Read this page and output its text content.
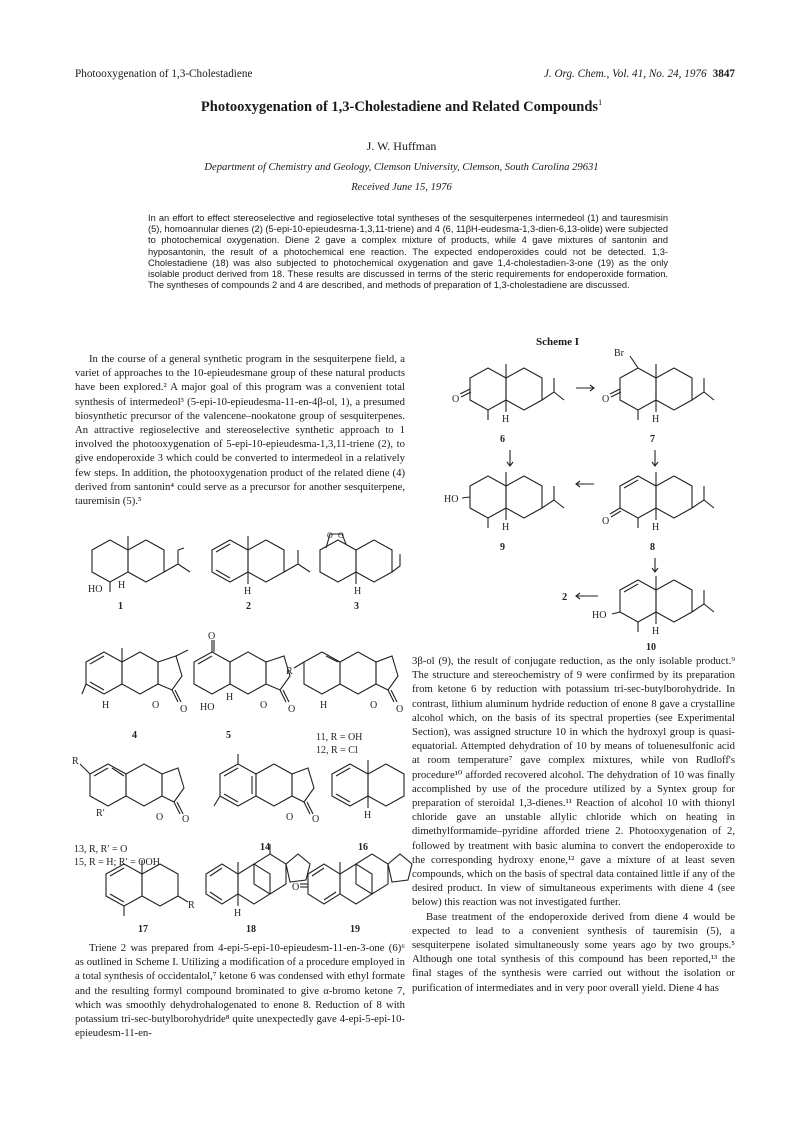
Photooxygenation of 1,3-Cholestadiene	J. Org. Chem., Vol. 41, No. 24, 1976 3847
Photooxygenation of 1,3-Cholestadiene and Related Compounds$^1$
J. W. Huffman
Department of Chemistry and Geology, Clemson University, Clemson, South Carolina 29631
Received June 15, 1976
In an effort to effect stereoselective and regioselective total syntheses of the sesquiterpenes intermedeol (1) and tauresmisin (5), homoannular dienes (2) (5-epi-10-epieudesma-1,3,11-triene) and 4 (6, 11βH-eudesma-1,3-dien-6,13-olide) were subjected to photochemical oxygenation. Diene 2 gave a complex mixture of products, while 4 gave mixtures of santonin and hyposantonin, the result of a photochemical ene reaction. The expected endoperoxides could not be detected. 1,3-Cholestadiene (18) was also subjected to photochemical oxygenation and gave 1,4-cholestadien-3-one (19) as the only isolable product derived from 18. These results are discussed in terms of the steric requirements for endoperoxide formation. The syntheses of compounds 2 and 4 are described, and methods of preparation of 1,3-cholestadiene are discussed.

In the course of a general synthetic program in the sesquiterpene field, a variet of approaches to the 10-epieudesmane group of these natural products have been explored.² A major goal of this program was a convenient total synthesis of intermedeol³ (5-epi-10-epieudesma-11-en-4β-ol, 1), a presumed biosynthetic precursor of the valencene–nookatone group of sesquiterpenes. An attractive regioselective and stereoselective synthetic approach to 1 involved the photooxygenation of 5-epi-10-epieudesma-1,3,11-triene (2), to give endoperoxide 3 which could be converted to intermedeol in a relatively few steps. In addition, the photooxygenation product of the related diene (4) derived from santonin⁴ could serve as a precursor for another sesquiterpene, tauremisin (5).⁵

HO H
1
H
2
O O
H
3
H	O O
4
O
HO
H
O O
5
R
H	O O
11, R = OH
12, R = Cl
R
R′	O O
13, R, R′ = O
15, R = H; R′ = OOH
O O
14
H
16
R
17
H
18
O
19

Triene 2 was prepared from 4-epi-5-epi-10-epieudesm-11-en-3-one (6)⁶ as outlined in Scheme I. Utilizing a modification of a procedure employed in a total synthesis of occidentalol,⁷ ketone 6 was condensed with ethyl formate and the resulting formyl compound brominated to give α-bromo ketone 7, which was smoothly dehydrohalogenated to enone 8. Reduction of 8 with potassium tri-sec-butylborohydride⁸ quite unexpectedly gave 4-epi-5-epi-10-epieudesm-11-en-

Scheme I
O
H
6
Br
O
H
7
HO
H
9
O
H
8
HO
H
10
2

3β-ol (9), the result of conjugate reduction, as the only isolable product.⁹ The structure and stereochemistry of 9 were confirmed by its preparation from ketone 6 by reduction with potassium tri-sec-butylborohydride. In contrast, lithium aluminum hydride reduction of enone 8 gave a crystalline alcohol which, on the basis of its spectral properties (see Experimental Section), was assigned structure 10 in which the hydroxyl group is quasi-equatorial. Attempted dehydration of 10 by means of toluenesulfonic acid at room temperature⁷ gave complex mixtures, while von Rudloff's procedure¹⁰ afforded recovered alcohol. The dehydration of 10 was finally accomplished by use of the procedure utilized by a Syntex group for preparation of steroidal 1,3-dienes.¹¹ Reaction of alcohol 10 with thionyl chloride gave an unstable allylic chloride which on heating in dimethylformamide–pyridine afforded triene 2. Photooxygenation of 2, followed by treatment with basic alumina to convert the endoperoxide to the corresponding hydroxy enone,¹² gave a mixture of at least seven compounds, which on the basis of spectral data contained little if any of the desired product. In view of simultaneous experiments with diene 4 (see below) this reaction was not investigated further.

Base treatment of the endoperoxide derived from diene 4 would be expected to lead to a convenient synthesis of tauremisin (5), a sesquiterpene isolated simultaneously some years ago by two groups.⁵ Although one total synthesis of this compound has been reported,¹³ the final stages of the synthesis were carried out without the isolation or purification of intermediates and in very poor overall yield. Diene 4 has
